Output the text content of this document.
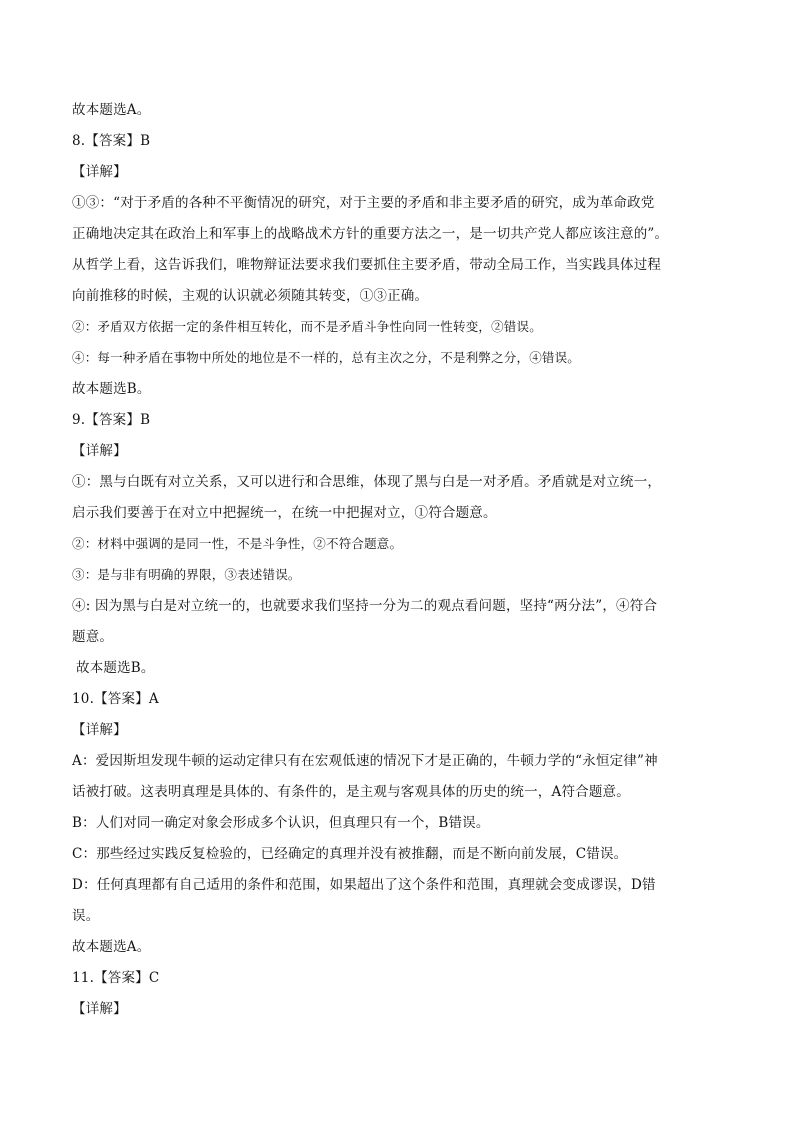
故本题选A。
8.【答案】B
【详解】
①③：“对于矛盾的各种不平衡情况的研究，对于主要的矛盾和非主要矛盾的研究，成为革命政党
正确地决定其在政治上和军事上的战略战术方针的重要方法之一，是一切共产党人都应该注意的”。
从哲学上看，这告诉我们，唯物辩证法要求我们要抓住主要矛盾，带动全局工作，当实践具体过程
向前推移的时候，主观的认识就必须随其转变，①③正确。
②：矛盾双方依据一定的条件相互转化，而不是矛盾斗争性向同一性转变，②错误。
④：每一种矛盾在事物中所处的地位是不一样的，总有主次之分，不是利弊之分，④错误。
故本题选B。
9.【答案】B
【详解】
①：黑与白既有对立关系，又可以进行和合思维，体现了黑与白是一对矛盾。矛盾就是对立统一，
启示我们要善于在对立中把握统一，在统一中把握对立，①符合题意。
②：材料中强调的是同一性，不是斗争性，②不符合题意。
③：是与非有明确的界限，③表述错误。
④: 因为黑与白是对立统一的，也就要求我们坚持一分为二的观点看问题，坚持“两分法”，④符合
题意。
故本题选B。
10.【答案】A
【详解】
A：爱因斯坦发现牛顿的运动定律只有在宏观低速的情况下才是正确的，牛顿力学的“永恒定律”神
话被打破。这表明真理是具体的、有条件的，是主观与客观具体的历史的统一，A符合题意。
B：人们对同一确定对象会形成多个认识，但真理只有一个，B错误。
C：那些经过实践反复检验的，已经确定的真理并没有被推翻，而是不断向前发展，C错误。
D：任何真理都有自己适用的条件和范围，如果超出了这个条件和范围，真理就会变成谬误，D错
误。
故本题选A。
11.【答案】C
【详解】
